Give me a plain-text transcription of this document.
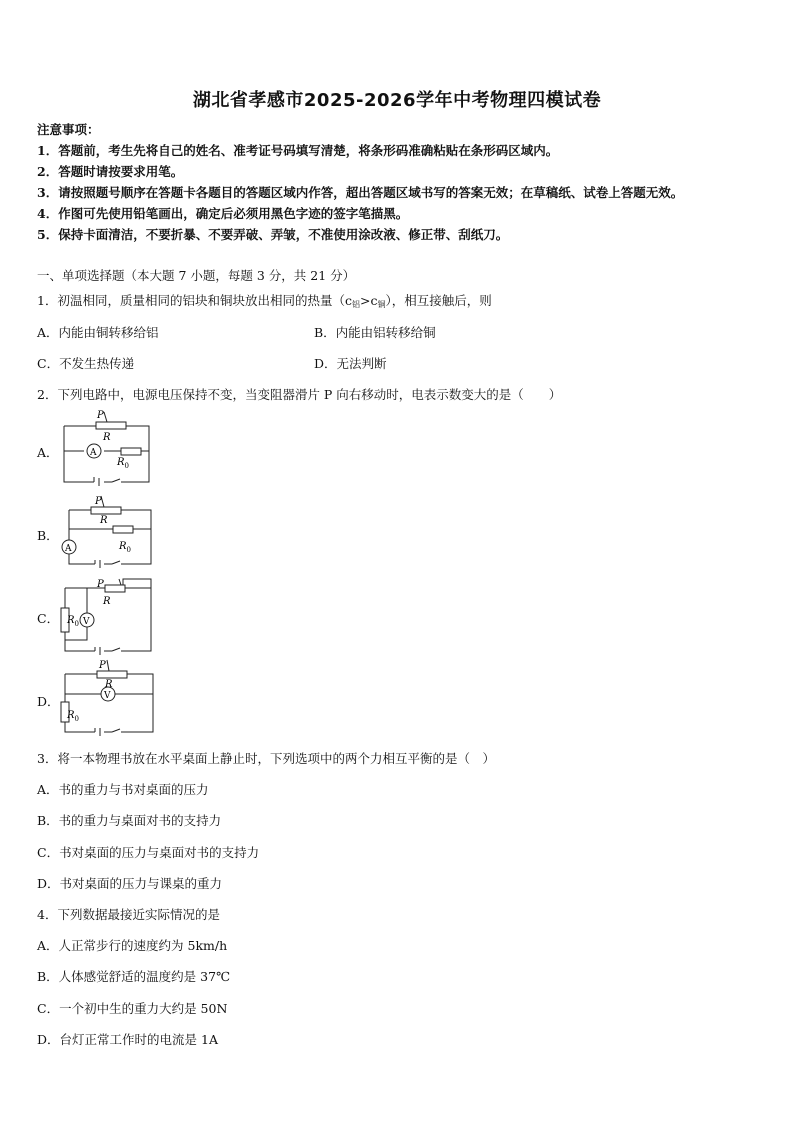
湖北省孝感市2025-2026学年中考物理四模试卷
注意事项：
1．答题前，考生先将自己的姓名、准考证号码填写清楚，将条形码准确粘贴在条形码区域内。
2．答题时请按要求用笔。
3．请按照题号顺序在答题卡各题目的答题区域内作答，超出答题区域书写的答案无效；在草稿纸、试卷上答题无效。
4．作图可先使用铅笔画出，确定后必须用黑色字迹的签字笔描黑。
5．保持卡面清洁，不要折暴、不要弄破、弄皱，不准使用涂改液、修正带、刮纸刀。
一、单项选择题（本大题 7 小题，每题 3 分，共 21 分）
1．初温相同，质量相同的铝块和铜块放出相同的热量$(c_铝>c_铜)$，相互接触后，则
A．内能由铜转移给铝	B．内能由铝转移给铜
C．不发生热传递	D．无法判断
2．下列电路中，电源电压保持不变，当变阻器滑片 P 向右移动时，电表示数变大的是（　　）
A．
P
R
$R_0$
A
B．
P
R
$R_0$
A
C．
P
R
$R_0$ V
D．
P
R
$R_0$
V
3．将一本物理书放在水平桌面上静止时，下列选项中的两个力相互平衡的是（　）
A．书的重力与书对桌面的压力
B．书的重力与桌面对书的支持力
C．书对桌面的压力与桌面对书的支持力
D．书对桌面的压力与课桌的重力
4．下列数据最接近实际情况的是
A．人正常步行的速度约为 5km/h
B．人体感觉舒适的温度约是 37℃
C．一个初中生的重力大约是 50N
D．台灯正常工作时的电流是 1A
